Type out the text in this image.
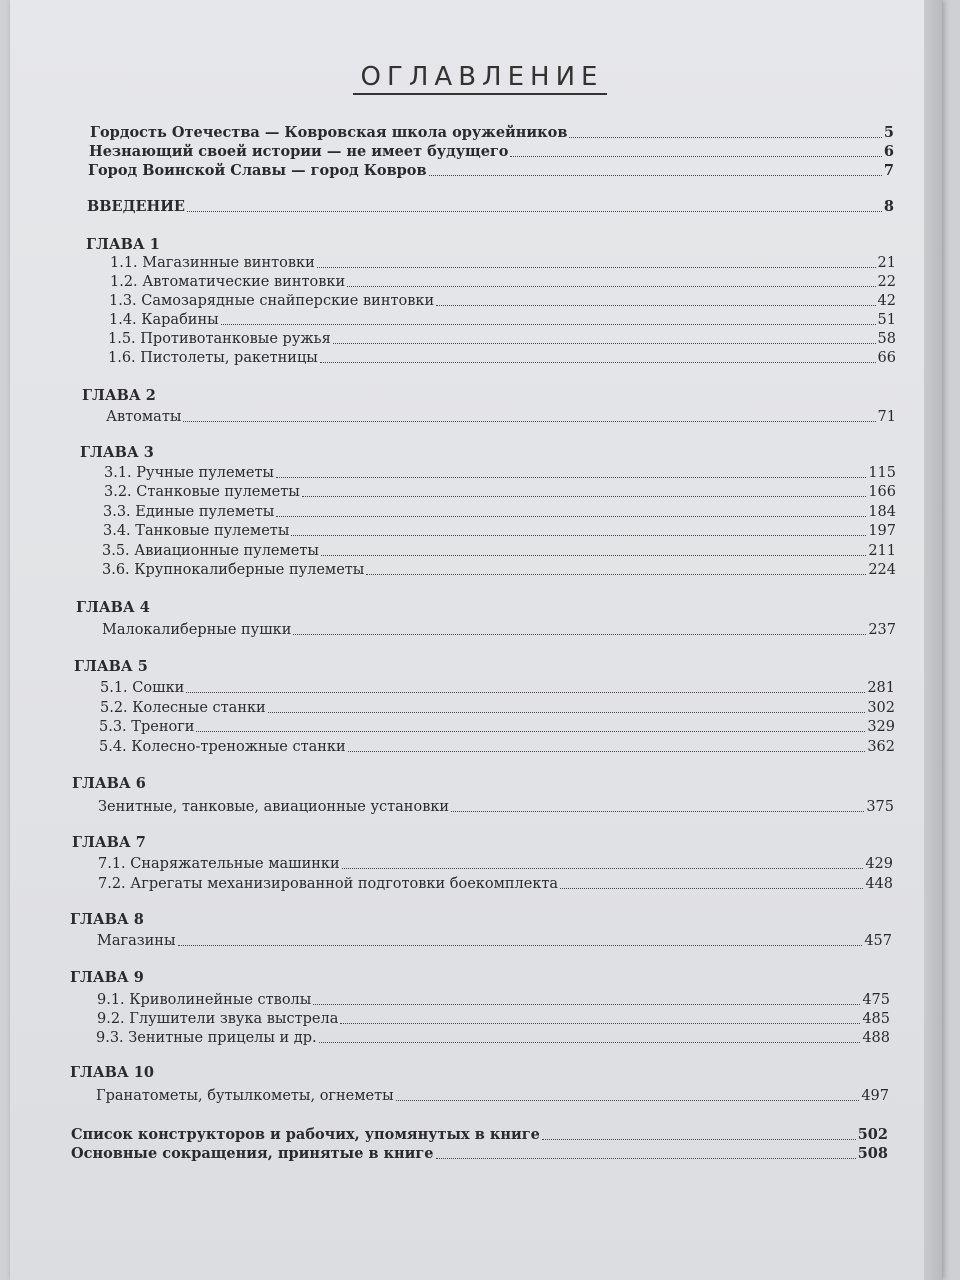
ОГЛАВЛЕНИЕ
Гордость Отечества — Ковровская школа оружейников	5
Незнающий своей истории — не имеет будущего	6
Город Воинской Славы — город Ковров	7
ВВЕДЕНИЕ	8
ГЛАВА 1
1.1. Магазинные винтовки	21
1.2. Автоматические винтовки	22
1.3. Самозарядные снайперские винтовки	42
1.4. Карабины	51
1.5. Противотанковые ружья	58
1.6. Пистолеты, ракетницы	66
ГЛАВА 2
Автоматы	71
ГЛАВА 3
3.1. Ручные пулеметы	115
3.2. Станковые пулеметы	166
3.3. Единые пулеметы	184
3.4. Танковые пулеметы	197
3.5. Авиационные пулеметы	211
3.6. Крупнокалиберные пулеметы	224
ГЛАВА 4
Малокалиберные пушки	237
ГЛАВА 5
5.1. Сошки	281
5.2. Колесные станки	302
5.3. Треноги	329
5.4. Колесно-треножные станки	362
ГЛАВА 6
Зенитные, танковые, авиационные установки	375
ГЛАВА 7
7.1. Снаряжательные машинки	429
7.2. Агрегаты механизированной подготовки боекомплекта	448
ГЛАВА 8
Магазины	457
ГЛАВА 9
9.1. Криволинейные стволы	475
9.2. Глушители звука выстрела	485
9.3. Зенитные прицелы и др.	488
ГЛАВА 10
Гранатометы, бутылкометы, огнеметы	497
Список конструкторов и рабочих, упомянутых в книге	502
Основные сокращения, принятые в книге	508
